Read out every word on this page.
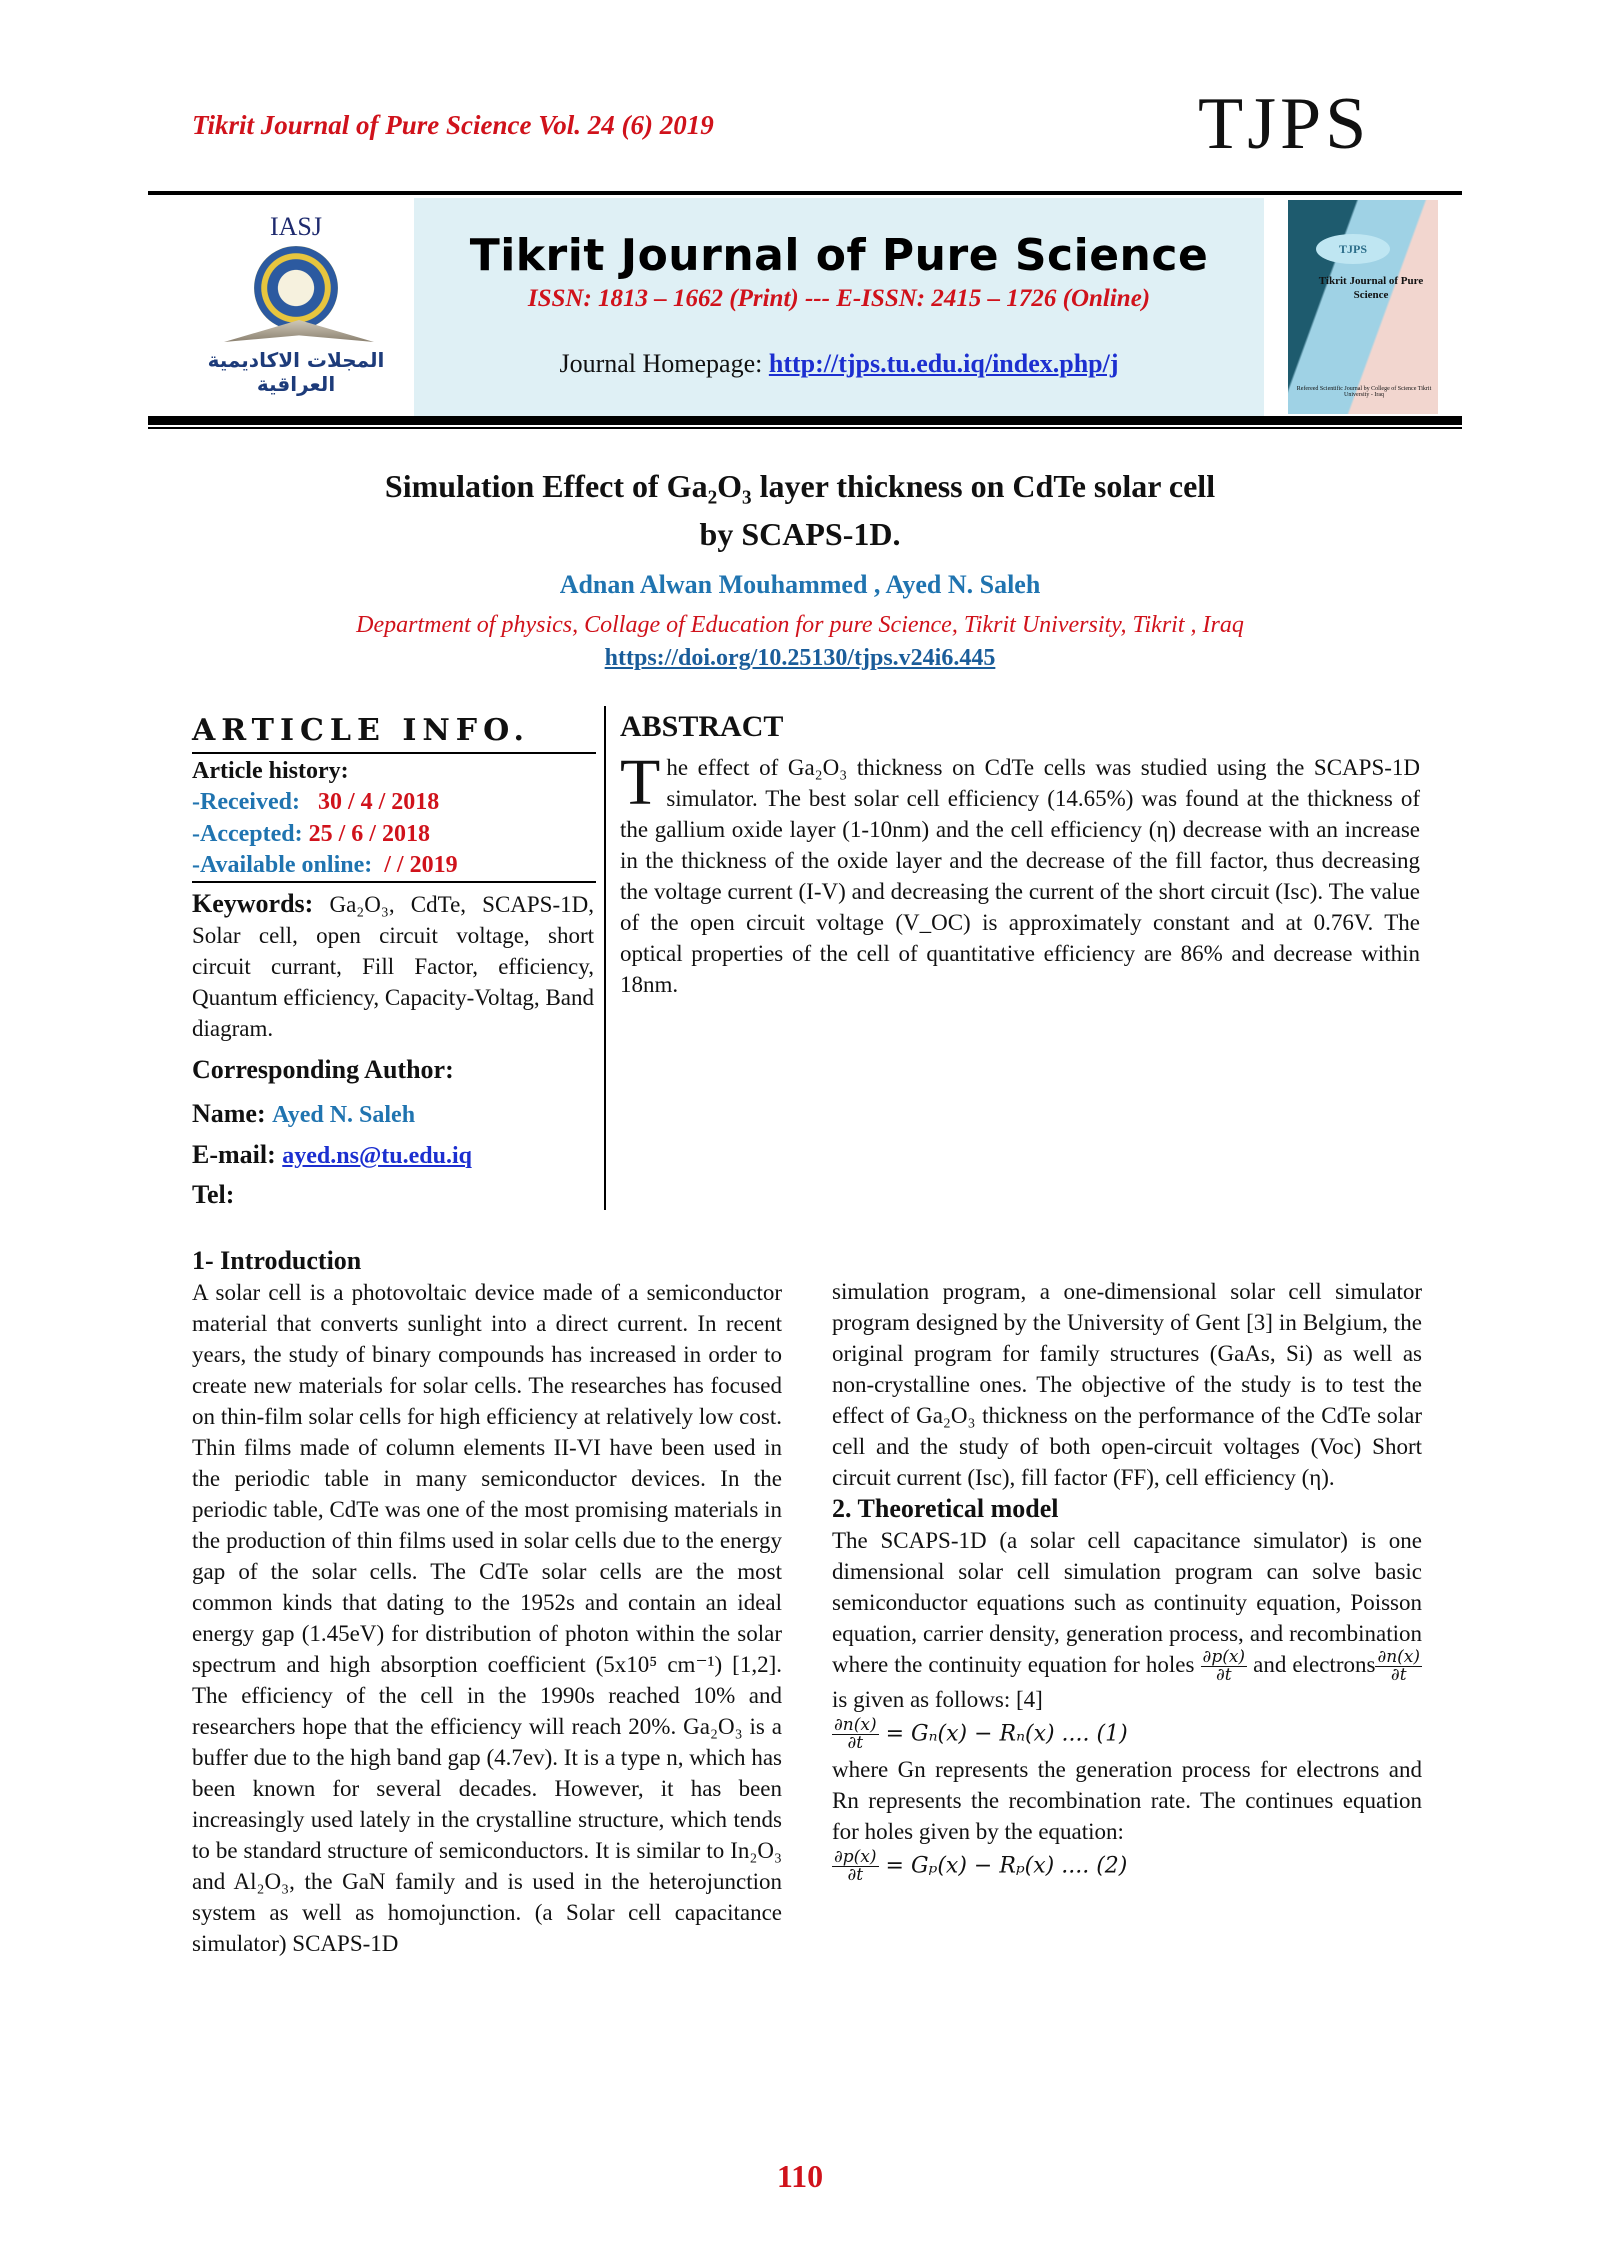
Tikrit Journal of Pure Science Vol. 24 (6) 2019	TJPS
IASJ
المجلات الاكاديمية العراقية
Tikrit Journal of Pure Science
ISSN: 1813 – 1662 (Print) --- E-ISSN: 2415 – 1726 (Online)
Journal Homepage: http://tjps.tu.edu.iq/index.php/j
TJPS
Tikrit Journal of Pure Science
Refereed Scientific Journal by College of Science Tikrit University - Iraq
Simulation Effect of Ga₂O₃ layer thickness on CdTe solar cell
by SCAPS-1D.
Adnan Alwan Mouhammed , Ayed N. Saleh
Department of physics, Collage of Education for pure Science, Tikrit University, Tikrit , Iraq
https://doi.org/10.25130/tjps.v24i6.445
ARTICLE INFO.
Article history:
-Received: 30 / 4 / 2018
-Accepted: 25 / 6 / 2018
-Available online:  / / 2019
Keywords: Ga₂O₃, CdTe, SCAPS-1D, Solar cell, open circuit voltage, short circuit currant, Fill Factor, efficiency, Quantum efficiency, Capacity-Voltag, Band diagram.
Corresponding Author:
Name: Ayed N. Saleh
E-mail: ayed.ns@tu.edu.iq
Tel:
ABSTRACT
The effect of Ga₂O₃ thickness on CdTe cells was studied using the SCAPS-1D simulator. The best solar cell efficiency (14.65%) was found at the thickness of the gallium oxide layer (1-10nm) and the cell efficiency (η) decrease with an increase in the thickness of the oxide layer and the decrease of the fill factor, thus decreasing the voltage current (I-V) and decreasing the current of the short circuit (Isc). The value of the open circuit voltage (V_OC) is approximately constant and at 0.76V. The optical properties of the cell of quantitative efficiency are 86% and decrease within 18nm.
1- Introduction

A solar cell is a photovoltaic device made of a semiconductor material that converts sunlight into a direct current. In recent years, the study of binary compounds has increased in order to create new materials for solar cells. The researches has focused on thin-film solar cells for high efficiency at relatively low cost. Thin films made of column elements II-VI have been used in the periodic table in many semiconductor devices. In the periodic table, CdTe was one of the most promising materials in the production of thin films used in solar cells due to the energy gap of the solar cells. The CdTe solar cells are the most common kinds that dating to the 1952s and contain an ideal energy gap (1.45eV) for distribution of photon within the solar spectrum and high absorption coefficient (5x10⁵ cm⁻¹) [1,2]. The efficiency of the cell in the 1990s reached 10% and researchers hope that the efficiency will reach 20%. Ga₂O₃ is a buffer due to the high band gap (4.7ev). It is a type n, which has been known for several decades. However, it has been increasingly used lately in the crystalline structure, which tends to be standard structure of semiconductors. It is similar to In₂O₃ and Al₂O₃, the GaN family and is used in the heterojunction system as well as homojunction. (a Solar cell capacitance simulator) SCAPS-1D

simulation program, a one-dimensional solar cell simulator program designed by the University of Gent [3] in Belgium, the original program for family structures (GaAs, Si) as well as non-crystalline ones. The objective of the study is to test the effect of Ga₂O₃ thickness on the performance of the CdTe solar cell and the study of both open-circuit voltages (Voc) Short circuit current (Isc), fill factor (FF), cell efficiency (η).

2. Theoretical model

The SCAPS-1D (a solar cell capacitance simulator) is one dimensional solar cell simulation program can solve basic semiconductor equations such as continuity equation, Poisson equation, carrier density, generation process, and recombination where the continuity equation for holes $\frac{\partial p(x)}{\partial t}$ and electrons $\frac{\partial n(x)}{\partial t}$
is given as follows: [4]

$\frac{\partial n(x)}{\partial t} = G_n(x) - R_n(x)$ .... (1)

where Gn represents the generation process for electrons and Rn represents the recombination rate. The continues equation for holes given by the equation:

$\frac{\partial p(x)}{\partial t} = G_p(x) - R_p(x)$ .... (2)
110
